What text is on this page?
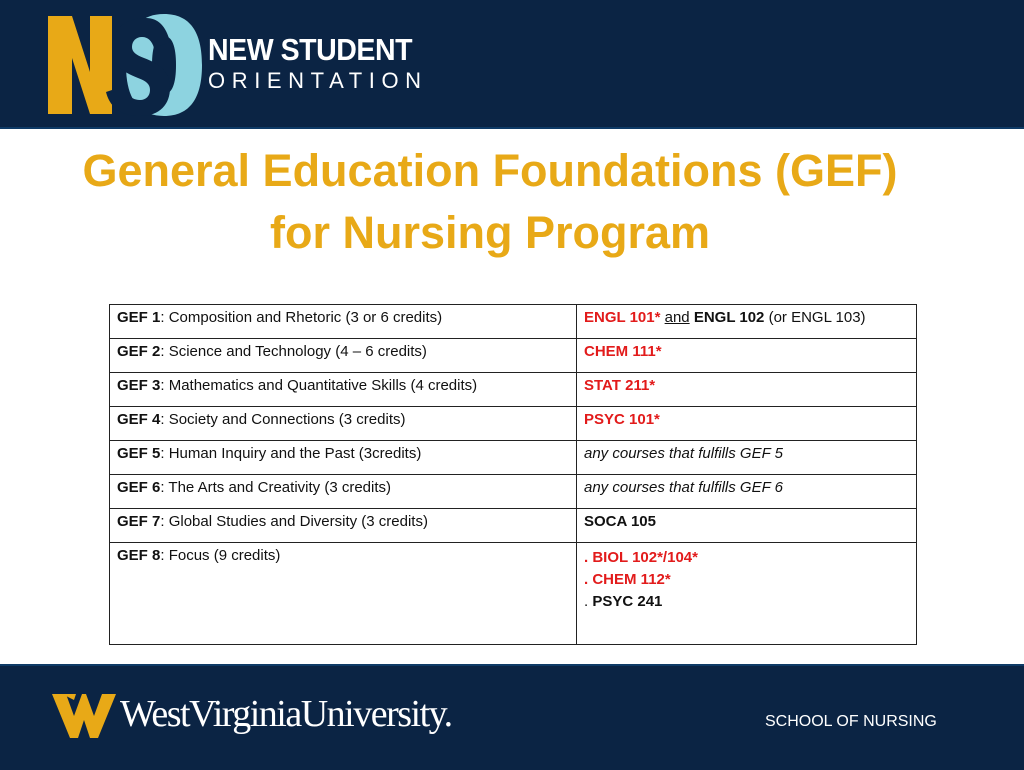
NEW STUDENT
ORIENTATION
General Education Foundations (GEF)
for Nursing Program
GEF 1: Composition and Rhetoric (3 or 6 credits)	ENGL 101* and ENGL 102 (or ENGL 103)
GEF 2: Science and Technology (4 – 6 credits)	CHEM 111*
GEF 3: Mathematics and Quantitative Skills (4 credits)	STAT 211*
GEF 4: Society and Connections (3 credits)	PSYC 101*
GEF 5: Human Inquiry and the Past (3credits)	any courses that fulfills GEF 5
GEF 6: The Arts and Creativity (3 credits)	any courses that fulfills GEF 6
GEF 7: Global Studies and Diversity (3 credits)	SOCA 105
GEF 8: Focus (9 credits)	. BIOL 102*/104*
. CHEM 112*
. PSYC 241
WestVirginiaUniversity.	SCHOOL OF NURSING
